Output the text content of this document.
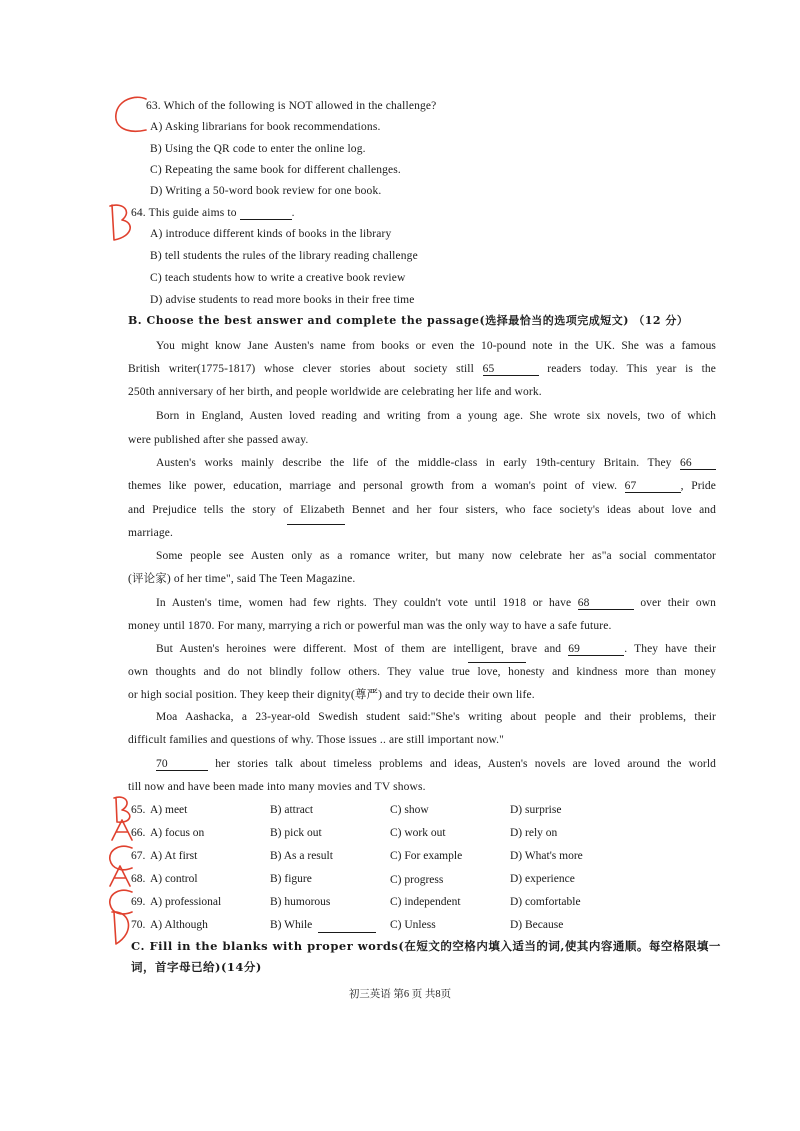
63. Which of the following is NOT allowed in the challenge?
A) Asking librarians for book recommendations.
B) Using the QR code to enter the online log.
C) Repeating the same book for different challenges.
D) Writing a 50-word book review for one book.
64. This guide aims to	.
A) introduce different kinds of books in the library
B) tell students the rules of the library reading challenge
C) teach students how to write a creative book review
D) advise students to read more books in their free time
B. Choose the best answer and complete the passage(选择最恰当的选项完成短文) （12 分）
You might know Jane Austen's name from books or even the 10-pound note in the UK. She was a famous
British writer(1775-1817) whose clever stories about society still 65	readers today. This year is the
250th anniversary of her birth, and people worldwide are celebrating her life and work.
Born in England, Austen loved reading and writing from a young age. She wrote six novels, two of which
were published after she passed away.
Austen's works mainly describe the life of the middle-class in early 19th-century Britain. They 66
themes like power, education, marriage and personal growth from a woman's point of view. 67	, Pride
and Prejudice tells the story of Elizabeth Bennet and her four sisters, who face society's ideas about love and
marriage.
Some people see Austen only as a romance writer, but many now celebrate her as"a social commentator
(评论家) of her time", said The Teen Magazine.
In Austen's time, women had few rights. They couldn't vote until 1918 or have 68	over their own
money until 1870. For many, marrying a rich or powerful man was the only way to have a safe future.
But Austen's heroines were different. Most of them are intelligent, brave and 69	. They have their
own thoughts and do not blindly follow others. They value true love, honesty and kindness more than money
or high social position. They keep their dignity(尊严) and try to decide their own life.
Moa Aashacka, a 23-year-old Swedish student said:"She's writing about people and their problems, their
difficult families and questions of why. Those issues .. are still important now."
70	her stories talk about timeless problems and ideas, Austen's novels are loved around the world
till now and have been made into many movies and TV shows.
65. A) meet	B) attract	C) show	D) surprise
66. A) focus on	B) pick out	C) work out	D) rely on
67. A) At first	B) As a result	C) For example	D) What's more
68. A) control	B) figure	C) progress	D) experience
69. A) professional	B) humorous	C) independent	D) comfortable
70. A) Although	B) While	C) Unless	D) Because
C. Fill in the blanks with proper words(在短文的空格内填入适当的词,使其内容通顺。每空格限填一
词，首字母已给)(14分)
初三英语 第6 页 共8页
